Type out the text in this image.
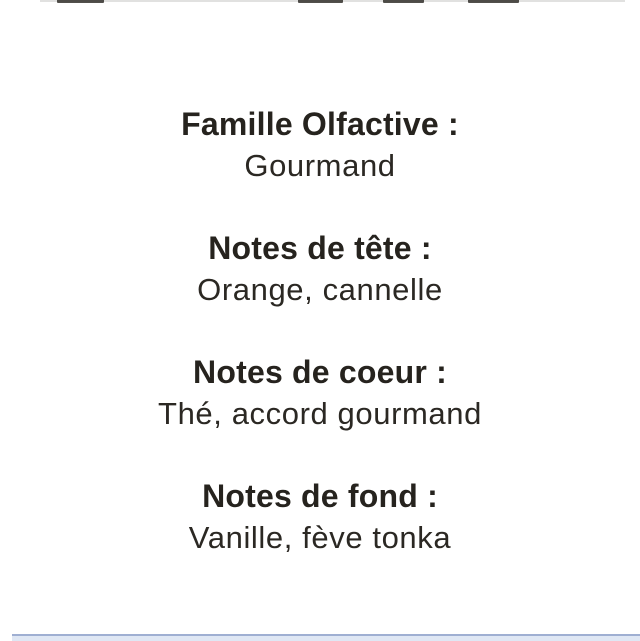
Famille Olfactive :
Gourmand

Notes de tête :
Orange, cannelle

Notes de coeur :
Thé, accord gourmand

Notes de fond :
Vanille, fève tonka
